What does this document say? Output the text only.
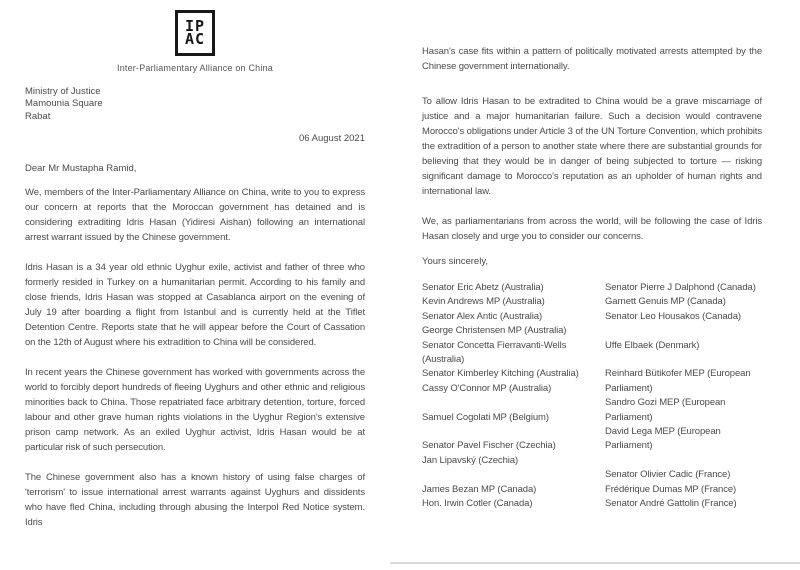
IP
AC
Inter-Parliamentary Alliance on China
Ministry of Justice
Mamounia Square
Rabat
06 August 2021
Dear Mr Mustapha Ramid,

We, members of the Inter-Parliamentary Alliance on China, write to you to express our concern at reports that the Moroccan government has detained and is considering extraditing Idris Hasan (Yidiresi Aishan) following an international arrest warrant issued by the Chinese government.

Idris Hasan is a 34 year old ethnic Uyghur exile, activist and father of three who formerly resided in Turkey on a humanitarian permit. According to his family and close friends, Idris Hasan was stopped at Casablanca airport on the evening of July 19 after boarding a flight from Istanbul and is currently held at the Tiflet Detention Centre. Reports state that he will appear before the Court of Cassation on the 12th of August where his extradition to China will be considered.

In recent years the Chinese government has worked with governments across the world to forcibly deport hundreds of fleeing Uyghurs and other ethnic and religious minorities back to China. Those repatriated face arbitrary detention, torture, forced labour and other grave human rights violations in the Uyghur Region's extensive prison camp network. As an exiled Uyghur activist, Idris Hasan would be at particular risk of such persecution.

The Chinese government also has a known history of using false charges of 'terrorism' to issue international arrest warrants against Uyghurs and dissidents who have fled China, including through abusing the Interpol Red Notice system. Idris

Hasan's case fits within a pattern of politically motivated arrests attempted by the Chinese government internationally.

To allow Idris Hasan to be extradited to China would be a grave miscarriage of justice and a major humanitarian failure. Such a decision would contravene Morocco's obligations under Article 3 of the UN Torture Convention, which prohibits the extradition of a person to another state where there are substantial grounds for believing that they would be in danger of being subjected to torture — risking significant damage to Morocco's reputation as an upholder of human rights and international law.

We, as parliamentarians from across the world, will be following the case of Idris Hasan closely and urge you to consider our concerns.

Yours sincerely,
Senator Eric Abetz (Australia)
Kevin Andrews MP (Australia)
Senator Alex Antic (Australia)
George Christensen MP (Australia)
Senator Concetta Fierravanti-Wells
(Australia)
Senator Kimberley Kitching (Australia)
Cassy O'Connor MP (Australia)
Samuel Cogolati MP (Belgium)
Senator Pavel Fischer (Czechia)
Jan Lipavský (Czechia)
James Bezan MP (Canada)
Hon. Irwin Cotler (Canada)
Senator Pierre J Dalphond (Canada)
Garnett Genuis MP (Canada)
Senator Leo Housakos (Canada)
Uffe Elbaek (Denmark)
Reinhard Bütikofer MEP (European
Parliament)
Sandro Gozi MEP (European
Parliament)
David Lega MEP (European
Parliament)
Senator Olivier Cadic (France)
Frédérique Dumas MP (France)
Senator André Gattolin (France)
